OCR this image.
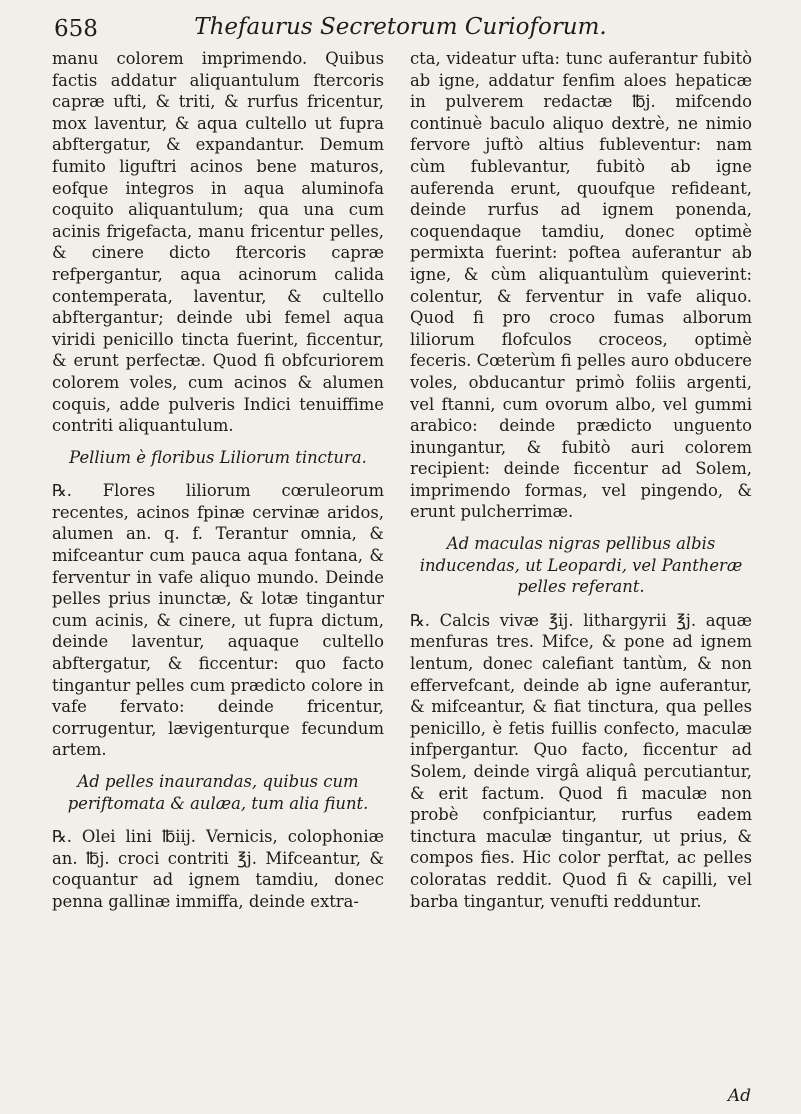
658	Thefaurus Secretorum Curioforum.

manu colorem imprimendo. Quibus factis addatur aliquantulum ftercoris capræ ufti, & triti, & rurfus fricentur, mox laventur, & aqua cultello ut fupra abftergatur, & expandantur. Demum fumito liguftri acinos bene maturos, eofque integros in aqua aluminofa coquito aliquantulum; qua una cum acinis frigefacta, manu fricentur pelles, & cinere dicto ftercoris capræ refpergantur, aqua acinorum calida contemperata, laventur, & cultello abftergantur; deinde ubi femel aqua viridi penicillo tincta fuerint, ficcentur, & erunt perfectæ. Quod fi obfcuriorem colorem voles, cum acinos & alumen coquis, adde pulveris Indici tenuiffime contriti aliquantulum.

Pellium è floribus Liliorum tinctura.

℞. Flores liliorum cœruleorum recentes, acinos fpinæ cervinæ aridos, alumen an. q. f. Terantur omnia, & mifceantur cum pauca aqua fontana, & ferventur in vafe aliquo mundo. Deinde pelles prius inunctæ, & lotæ tingantur cum acinis, & cinere, ut fupra dictum, deinde laventur, aquaque cultello abftergatur, & ficcentur: quo facto tingantur pelles cum prædicto colore in vafe fervato: deinde fricentur, corrugentur, lævigenturque fecundum artem.

Ad pelles inaurandas, quibus cum periftomata & aulæa, tum alia fiunt.

℞. Olei lini ℔iij. Vernicis, colophoniæ an. ℔j. croci contriti ℥j. Mifceantur, & coquantur ad ignem tamdiu, donec penna gallinæ immiffa, deinde extra-

cta, videatur ufta: tunc auferantur fubitò ab igne, addatur fenfim aloes hepaticæ in pulverem redactæ ℔j. mifcendo continuè baculo aliquo dextrè, ne nimio fervore juftò altius fubleventur: nam cùm fublevantur, fubitò ab igne auferenda erunt, quoufque refideant, deinde rurfus ad ignem ponenda, coquendaque tamdiu, donec optimè permixta fuerint: poftea auferantur ab igne, & cùm aliquantulùm quieverint: colentur, & ferventur in vafe aliquo. Quod fi pro croco fumas alborum liliorum flofculos croceos, optimè feceris. Cœterùm fi pelles auro obducere voles, obducantur primò foliis argenti, vel ftanni, cum ovorum albo, vel gummi arabico: deinde prædicto unguento inungantur, & fubitò auri colorem recipient: deinde ficcentur ad Solem, imprimendo formas, vel pingendo, & erunt pulcherrimæ.

Ad maculas nigras pellibus albis inducendas, ut Leopardi, vel Pantheræ pelles referant.

℞. Calcis vivæ ℥ij. lithargyrii ℥j. aquæ menfuras tres. Mifce, & pone ad ignem lentum, donec calefiant tantùm, & non effervefcant, deinde ab igne auferantur, & mifceantur, & fiat tinctura, qua pelles penicillo, è fetis fuillis confecto, maculæ infpergantur. Quo facto, ficcentur ad Solem, deinde virgâ aliquâ percutiantur, & erit factum. Quod fi maculæ non probè confpiciantur, rurfus eadem tinctura maculæ tingantur, ut prius, & compos fies. Hic color perftat, ac pelles coloratas reddit. Quod fi & capilli, vel barba tingantur, venufti redduntur.

Ad
